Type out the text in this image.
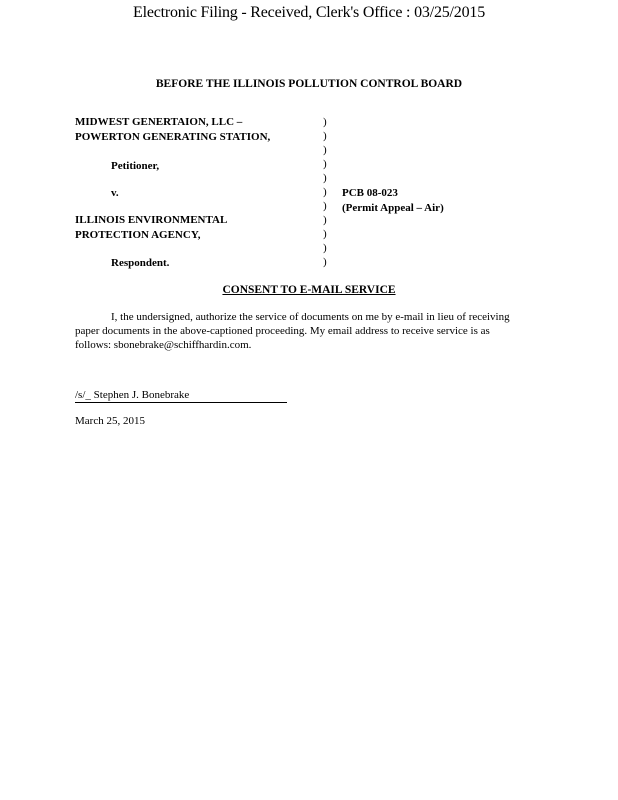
Electronic Filing - Received, Clerk's Office : 03/25/2015
BEFORE THE ILLINOIS POLLUTION CONTROL BOARD
MIDWEST GENERTAION, LLC –
POWERTON GENERATING STATION,
Petitioner,
v.
ILLINOIS ENVIRONMENTAL
PROTECTION AGENCY,
Respondent.
)
)
)
)
)
)
)
)
)
)
)
PCB 08-023
(Permit Appeal – Air)
CONSENT TO E-MAIL SERVICE
I, the undersigned, authorize the service of documents on me by e-mail in lieu of receiving paper documents in the above-captioned proceeding. My email address to receive service is as follows: sbonebrake@schiffhardin.com.
/s/_ Stephen J. Bonebrake
March 25, 2015
